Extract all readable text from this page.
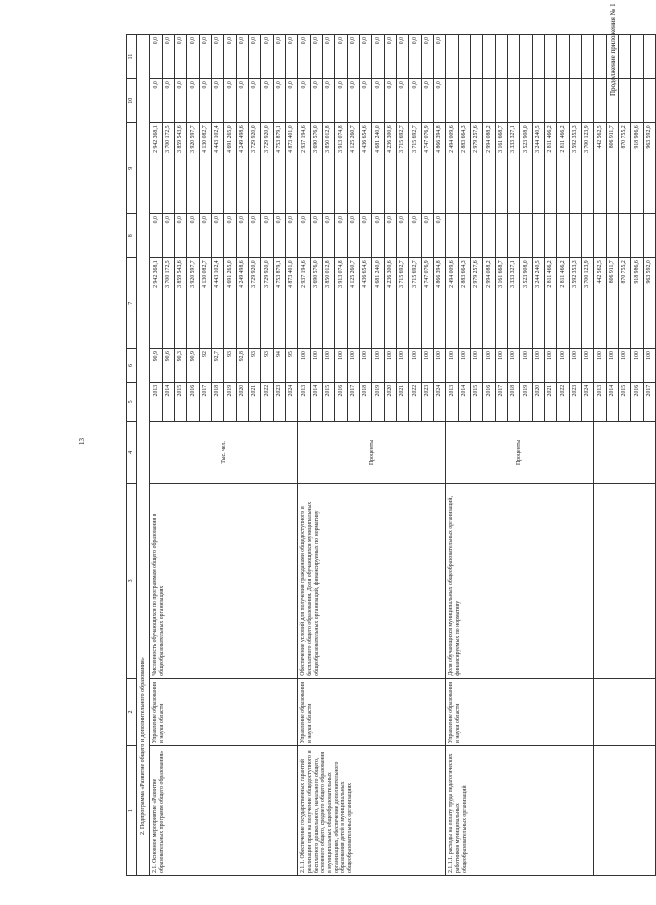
13
Продолжение приложения № 1
1	2	3	4	5	6	7	8	9	10	11
2. Подпрограмма «Развитие общего и дополнительного образования»										
2.1. Основное мероприятие «Развитие образовательных программ общего образования»	Управление образования и науки области	Численность обучающихся по программам общего образования в общеобразовательных организациях	Тыс. чел.	2013	90,9	2 942 368,1	0,0	2 942 368,1	0,0	0,0
				2014	90,6	3 700 172,5	0,0	3 700 172,5	0,0	0,0
				2015	90,3	3 859 543,6	0,0	3 859 543,6	0,0	0,0
				2016	90,9	3 920 597,7	0,0	3 920 597,7	0,0	0,0
				2017	92	4 130 082,7	0,0	4 130 082,7	0,0	0,0
				2018	92,7	4 443 102,4	0,0	4 443 102,4	0,0	0,0
				2019	93	4 691 265,0	0,0	4 691 265,0	0,0	0,0
				2020	92,8	4 249 498,6	0,0	4 249 498,6	0,0	0,0
				2021	93	3 729 920,0	0,0	3 729 920,0	0,0	0,0
				2022	93	3 729 920,0	0,0	3 729 920,0	0,0	0,0
				2023	94	4 753 879,1	0,0	4 753 879,1	0,0	0,0
				2024	95	4 873 401,0	0,0	4 873 401,0	0,0	0,0
2.1.1. Обеспечение государственных гарантий реализации прав на получение общедоступного и бесплатного дошкольного, начального общего, основного общего, среднего общего образования в муниципальных общеобразовательных организациях, обеспечение дополнительного образования детей в муниципальных общеобразовательных организациях	Управление образования и науки области	Обеспечение условий для получения гражданами общедоступного и бесплатного общего образования. Доля обучающихся муниципальных общеобразовательных организаций, финансируемых по нормативу	Проценты	2013	100	2 937 194,6	0,0	2 937 194,6	0,0	0,0
				2014	100	3 690 576,0	0,0	3 690 576,0	0,0	0,0
				2015	100	3 850 012,8	0,0	3 850 012,8	0,0	0,0
				2016	100	3 913 074,8	0,0	3 913 074,8	0,0	0,0
				2017	100	4 125 260,7	0,0	4 125 260,7	0,0	0,0
				2018	100	4 436 654,6	0,0	4 436 654,6	0,0	0,0
				2019	100	4 681 240,0	0,0	4 681 240,0	0,0	0,0
				2020	100	4 236 300,6	0,0	4 236 300,6	0,0	0,0
				2021	100	3 715 692,7	0,0	3 715 692,7	0,0	0,0
				2022	100	3 715 692,7	0,0	3 715 692,7	0,0	0,0
				2023	100	4 747 076,9	0,0	4 747 076,9	0,0	0,0
				2024	100	4 866 394,8	0,0	4 866 394,8	0,0	0,0
2.1.1.1. расходы на оплату труда педагогических работников муниципальных общеобразовательных организаций	Управление образования и науки области	Доля обучающихся муниципальных общеобразовательных организаций, финансируемых по нормативу	Проценты	2013	100	2 494 009,6		2 494 009,6		
				2014	100	2 883 664,3		2 883 664,3		
				2015	100	2 979 257,6		2 979 257,6		
				2016	100	2 994 088,2		2 994 088,2		
				2017	100	3 161 668,7		3 161 668,7		
				2018	100	3 333 327,1		3 333 327,1		
				2019	100	3 523 908,0		3 523 908,0		
				2020	100	3 244 240,5		3 244 240,5		
				2021	100	2 811 466,2		2 811 466,2		
				2022	100	2 811 466,2		2 811 466,2		
				2023	100	3 592 353,3		3 592 353,3		
				2024	100	3 700 123,9		3 700 123,9		
				2013	100	442 562,5		442 562,5		
				2014	100	806 911,7		806 911,7		
				2015	100	870 755,2		870 755,2		
				2016	100	918 986,6		918 986,6		
				2017	100	963 592,0		963 592,0		
